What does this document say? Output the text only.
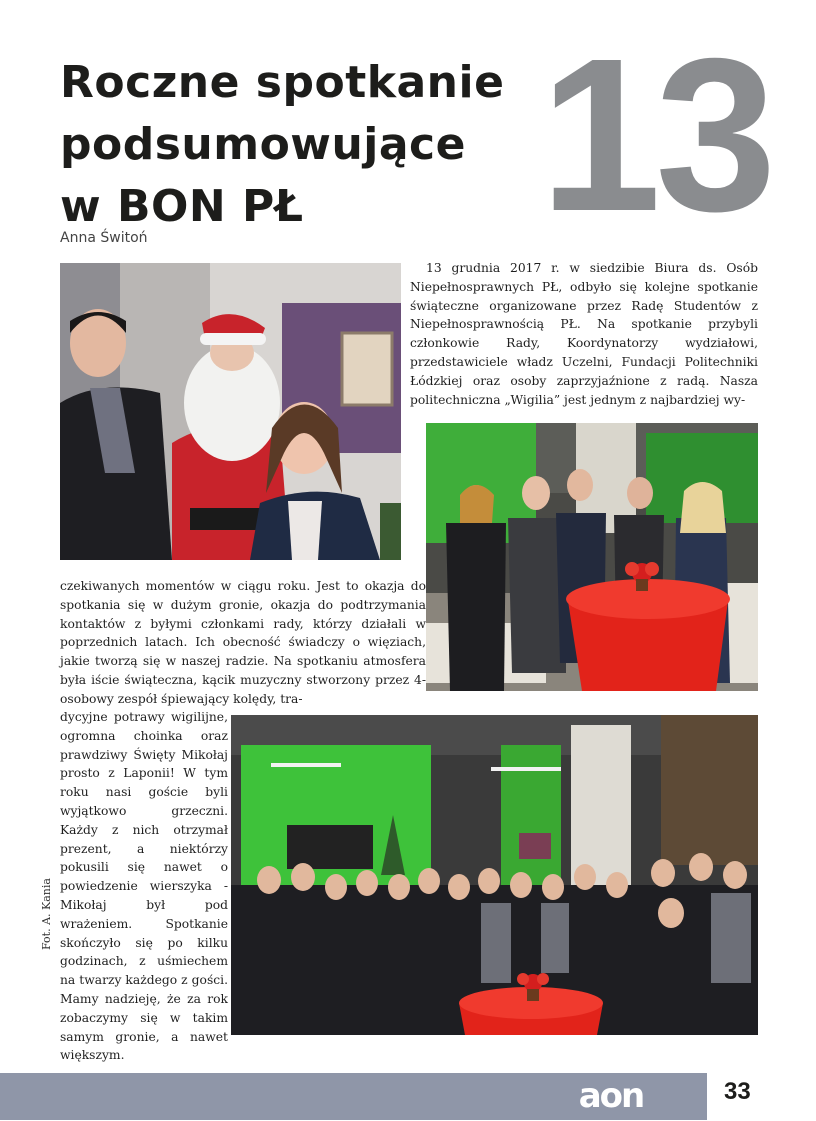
Roczne spotkanie
podsumowujące
w BON PŁ	13
Anna Świtoń

13 grudnia 2017 r. w siedzibie Biura ds. Osób Niepełnosprawnych PŁ, odbyło się kolejne spotkanie świąteczne organizowane przez Radę Studentów z Niepełnosprawnością PŁ. Na spotkanie przybyli członkowie Rady, Koordynatorzy wydziałowi, przedstawiciele władz Uczelni, Fundacji Politechniki Łódzkiej oraz osoby zaprzyjaźnione z radą. Nasza politechniczna „Wigilia” jest jednym z najbardziej wy-

czekiwanych momentów w ciągu roku. Jest to okazja do spotkania się w dużym gronie, okazja do podtrzymania kontaktów z byłymi członkami rady, którzy działali w poprzednich latach. Ich obecność świadczy o więziach, jakie tworzą się w naszej radzie. Na spotkaniu atmosfera była iście świąteczna, kącik muzyczny stworzony przez 4-osobowy zespół śpiewający kolędy, tra-

dycyjne potrawy wigilijne, ogromna choinka oraz prawdziwy Święty Mikołaj prosto z Laponii! W tym roku nasi goście byli wyjątkowo grzeczni. Każdy z nich otrzymał prezent, a niektórzy pokusili się nawet o powiedzenie wierszyka - Mikołaj był pod wrażeniem. Spotkanie skończyło się po kilku godzinach, z uśmiechem na twarzy każdego z gości. Mamy nadzieję, że za rok zobaczymy się w takim samym gronie, a nawet większym.

Fot. A. Kania
aon	33
